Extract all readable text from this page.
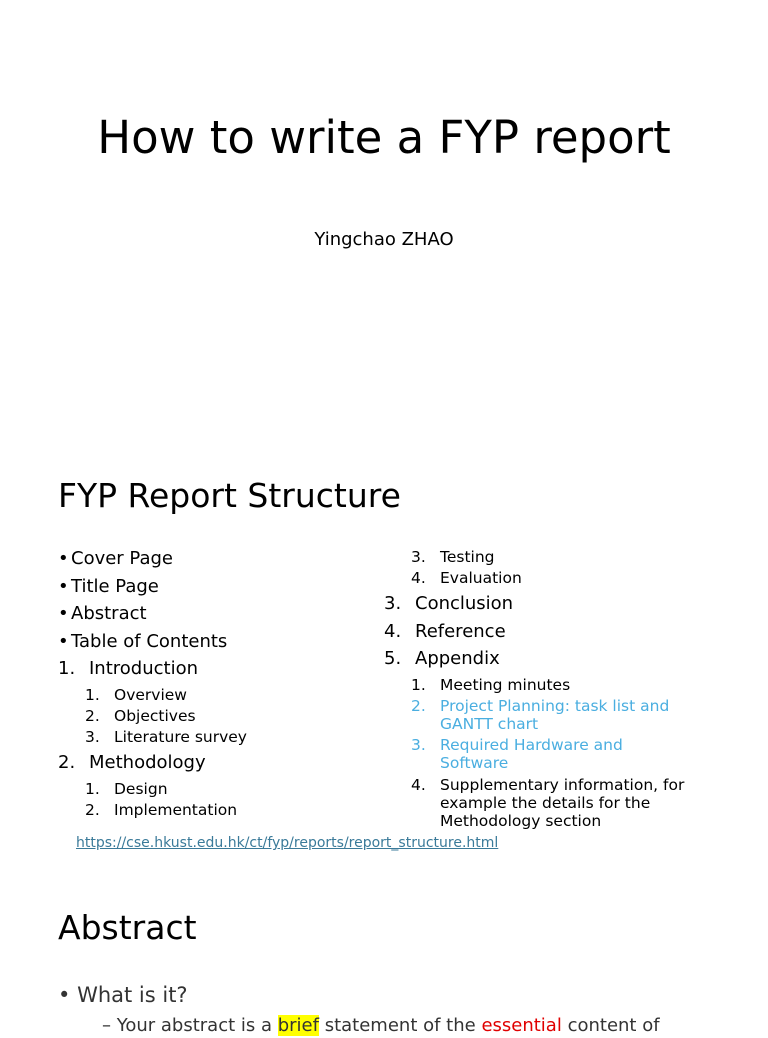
How to write a FYP report
Yingchao ZHAO
FYP Report Structure
• Cover Page
• Title Page
• Abstract
• Table of Contents
1. Introduction
1. Overview
2. Objectives
3. Literature survey
2. Methodology
1. Design
2. Implementation
3. Testing
4. Evaluation
3. Conclusion
4. Reference
5. Appendix
1. Meeting minutes
2. Project Planning: task list and GANTT chart
3. Required Hardware and Software
4. Supplementary information, for example the details for the Methodology section
https://cse.hkust.edu.hk/ct/fyp/reports/report_structure.html
Abstract
• What is it?
– Your abstract is a brief statement of the essential content of
